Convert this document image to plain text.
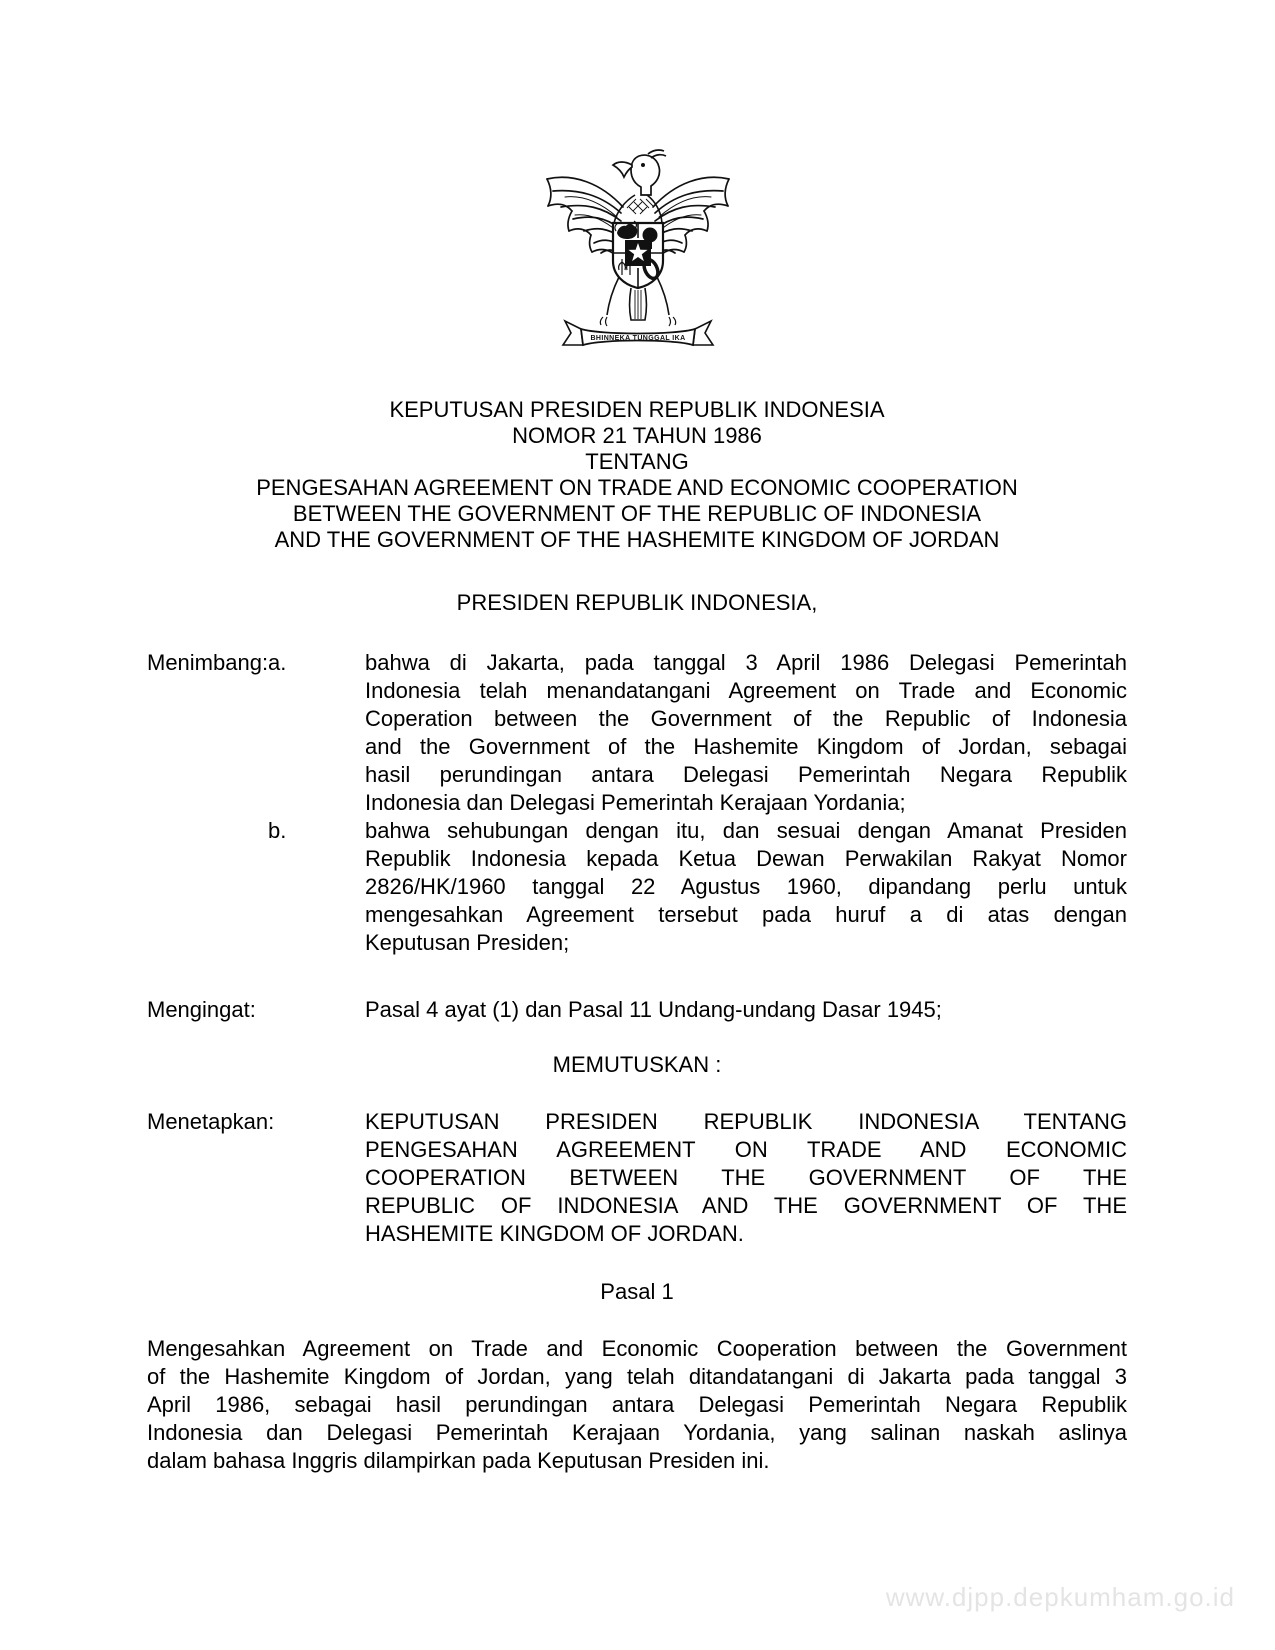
BHINNEKA TUNGGAL IKA
KEPUTUSAN PRESIDEN REPUBLIK INDONESIA
NOMOR 21 TAHUN 1986
TENTANG
PENGESAHAN AGREEMENT ON TRADE AND ECONOMIC COOPERATION
BETWEEN THE GOVERNMENT OF THE REPUBLIC OF INDONESIA
AND THE GOVERNMENT OF THE HASHEMITE KINGDOM OF JORDAN
PRESIDEN REPUBLIK INDONESIA,
Menimbang: a.	bahwa di Jakarta, pada tanggal 3 April 1986 Delegasi Pemerintah
Indonesia telah menandatangani Agreement on Trade and Economic
Coperation between the Government of the Republic of Indonesia
and the Government of the Hashemite Kingdom of Jordan, sebagai
hasil perundingan antara Delegasi Pemerintah Negara Republik
Indonesia dan Delegasi Pemerintah Kerajaan Yordania;
b.	bahwa sehubungan dengan itu, dan sesuai dengan Amanat Presiden
Republik Indonesia kepada Ketua Dewan Perwakilan Rakyat Nomor
2826/HK/1960 tanggal 22 Agustus 1960, dipandang perlu untuk
mengesahkan Agreement tersebut pada huruf a di atas dengan
Keputusan Presiden;
Mengingat:	Pasal 4 ayat (1) dan Pasal 11 Undang-undang Dasar 1945;
MEMUTUSKAN :
Menetapkan:	KEPUTUSAN PRESIDEN REPUBLIK INDONESIA TENTANG
PENGESAHAN AGREEMENT ON TRADE AND ECONOMIC
COOPERATION BETWEEN THE GOVERNMENT OF THE
REPUBLIC OF INDONESIA AND THE GOVERNMENT OF THE
HASHEMITE KINGDOM OF JORDAN.
Pasal 1
Mengesahkan Agreement on Trade and Economic Cooperation between the Government
of the Hashemite Kingdom of Jordan, yang telah ditandatangani di Jakarta pada tanggal 3
April 1986, sebagai hasil perundingan antara Delegasi Pemerintah Negara Republik
Indonesia dan Delegasi Pemerintah Kerajaan Yordania, yang salinan naskah aslinya
dalam bahasa Inggris dilampirkan pada Keputusan Presiden ini.
www.djpp.depkumham.go.id
